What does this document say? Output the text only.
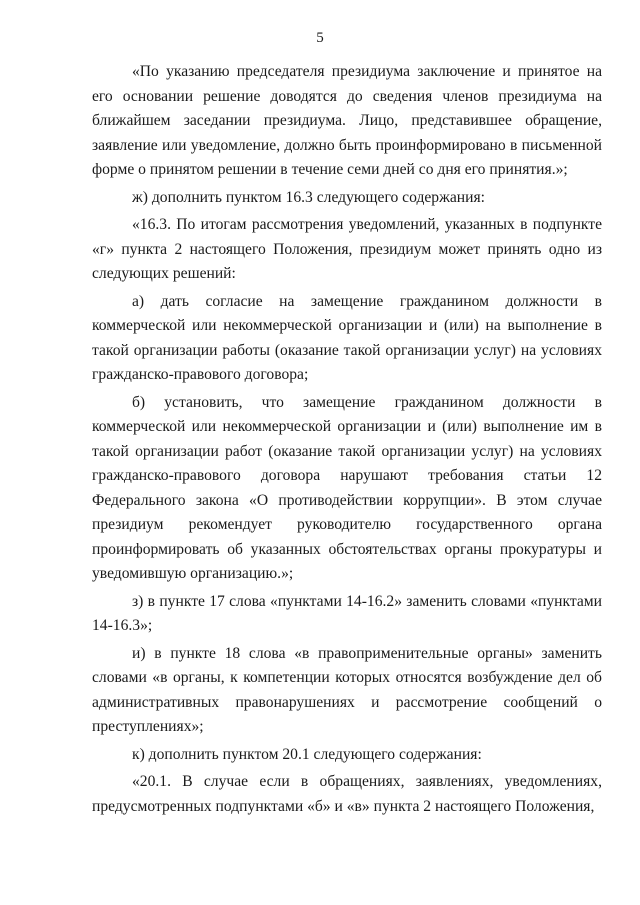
5

«По указанию председателя президиума заключение и принятое на его основании решение доводятся до сведения членов президиума на ближайшем заседании президиума. Лицо, представившее обращение, заявление или уведомление, должно быть проинформировано в письменной форме о принятом решении в течение семи дней со дня его принятия.»;

ж) дополнить пунктом 16.3 следующего содержания:

«16.3. По итогам рассмотрения уведомлений, указанных в подпункте «г» пункта 2 настоящего Положения, президиум может принять одно из следующих решений:

а) дать согласие на замещение гражданином должности в коммерческой или некоммерческой организации и (или) на выполнение в такой организации работы (оказание такой организации услуг) на условиях гражданско-правового договора;

б) установить, что замещение гражданином должности в коммерческой или некоммерческой организации и (или) выполнение им в такой организации работ (оказание такой организации услуг) на условиях гражданско-правового договора нарушают требования статьи 12 Федерального закона «О противодействии коррупции». В этом случае президиум рекомендует руководителю государственного органа проинформировать об указанных обстоятельствах органы прокуратуры и уведомившую организацию.»;

з) в пункте 17 слова «пунктами 14-16.2» заменить словами «пунктами 14-16.3»;

и) в пункте 18 слова «в правоприменительные органы» заменить словами «в органы, к компетенции которых относятся возбуждение дел об административных правонарушениях и рассмотрение сообщений о преступлениях»;

к) дополнить пунктом 20.1 следующего содержания:

«20.1. В случае если в обращениях, заявлениях, уведомлениях, предусмотренных подпунктами «б» и «в» пункта 2 настоящего Положения,
